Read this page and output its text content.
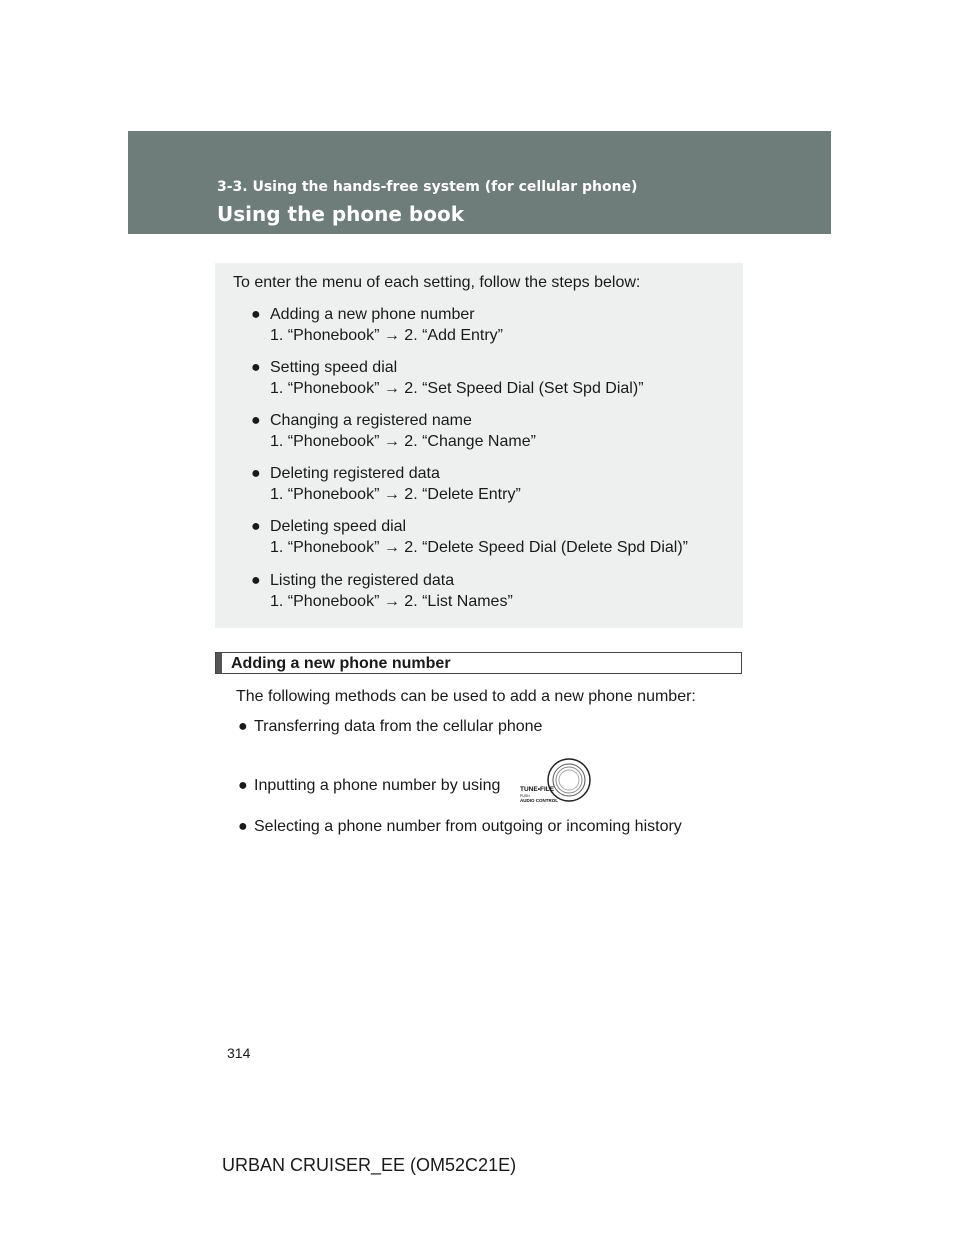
3-3. Using the hands-free system (for cellular phone)
Using the phone book
To enter the menu of each setting, follow the steps below:
● Adding a new phone number
1. “Phonebook” → 2. “Add Entry”
● Setting speed dial
1. “Phonebook” → 2. “Set Speed Dial (Set Spd Dial)”
● Changing a registered name
1. “Phonebook” → 2. “Change Name”
● Deleting registered data
1. “Phonebook” → 2. “Delete Entry”
● Deleting speed dial
1. “Phonebook” → 2. “Delete Speed Dial (Delete Spd Dial)”
● Listing the registered data
1. “Phonebook” → 2. “List Names”
Adding a new phone number
The following methods can be used to add a new phone number:
● Transferring data from the cellular phone
● Inputting a phone number by using
● Selecting a phone number from outgoing or incoming history
TUNE•FILE
PUSH
AUDIO CONTROL
314
URBAN CRUISER_EE (OM52C21E)
